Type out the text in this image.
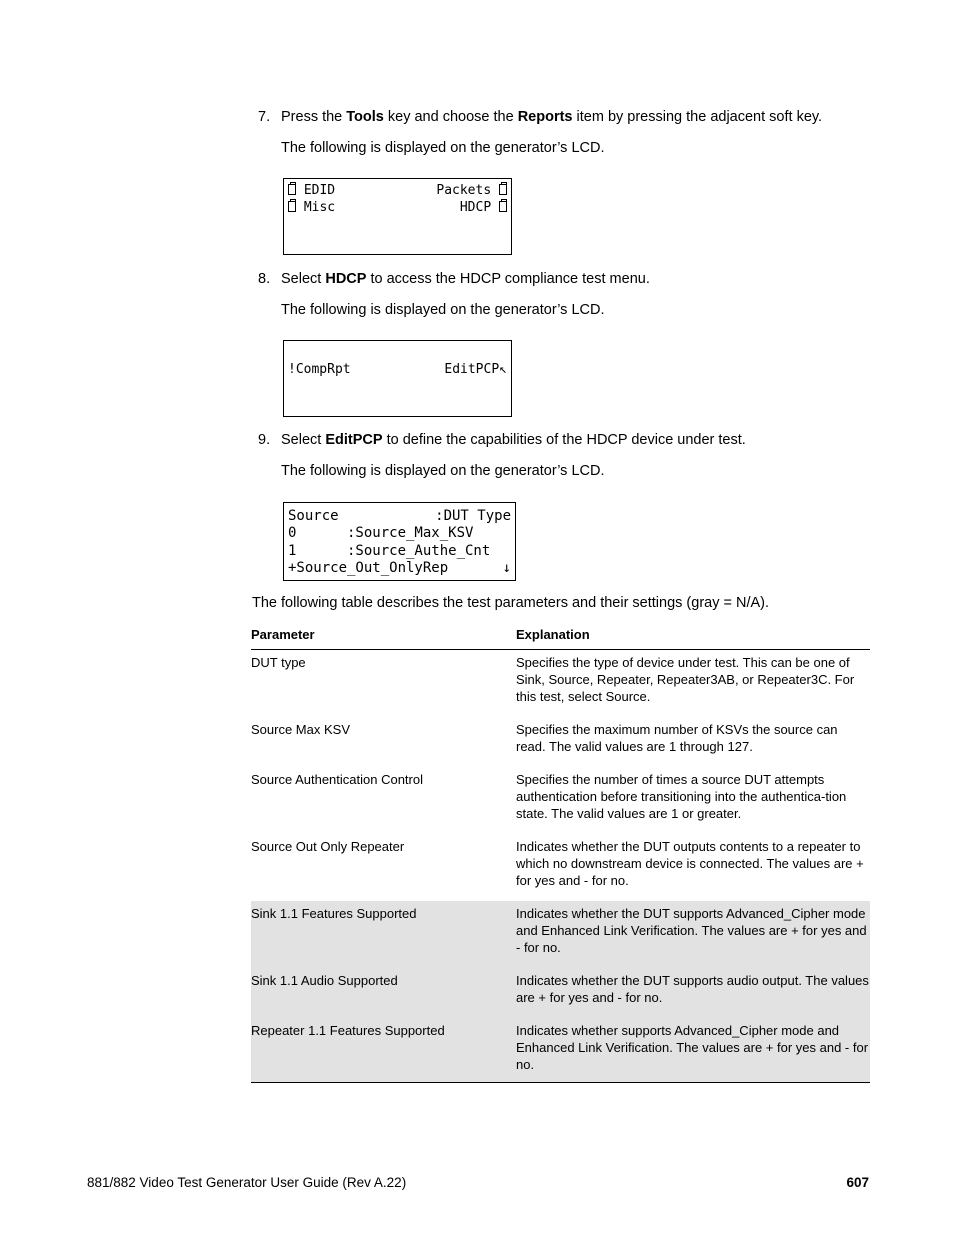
7. Press the Tools key and choose the Reports item by pressing the adjacent soft key.
The following is displayed on the generator’s LCD.
EDID	Packets
Misc	HDCP
8. Select HDCP to access the HDCP compliance test menu.
The following is displayed on the generator’s LCD.
!CompRpt	EditPCP↖
9. Select EditPCP to define the capabilities of the HDCP device under test.
The following is displayed on the generator’s LCD.
Source	:DUT Type
0      :Source_Max_KSV
1      :Source_Authe_Cnt
+Source_Out_OnlyRep	↓
The following table describes the test parameters and their settings (gray = N/A).
Parameter	Explanation
DUT type	Specifies the type of device under test. This can be one of Sink, Source, Repeater, Repeater3AB, or Repeater3C. For this test, select Source.
Source Max KSV	Specifies the maximum number of KSVs the source can read. The valid values are 1 through 127.
Source Authentication Control	Specifies the number of times a source DUT attempts authentication before transitioning into the authentica-tion state. The valid values are 1 or greater.
Source Out Only Repeater	Indicates whether the DUT outputs contents to a repeater to which no downstream device is connected. The values are + for yes and - for no.
Sink 1.1 Features Supported	Indicates whether the DUT supports Advanced_Cipher mode and Enhanced Link Verification. The values are + for yes and - for no.
Sink 1.1 Audio Supported	Indicates whether the DUT supports audio output. The values are + for yes and - for no.
Repeater 1.1 Features Supported	Indicates whether supports Advanced_Cipher mode and Enhanced Link Verification. The values are + for yes and - for no.
881/882 Video Test Generator User Guide (Rev A.22)	607
